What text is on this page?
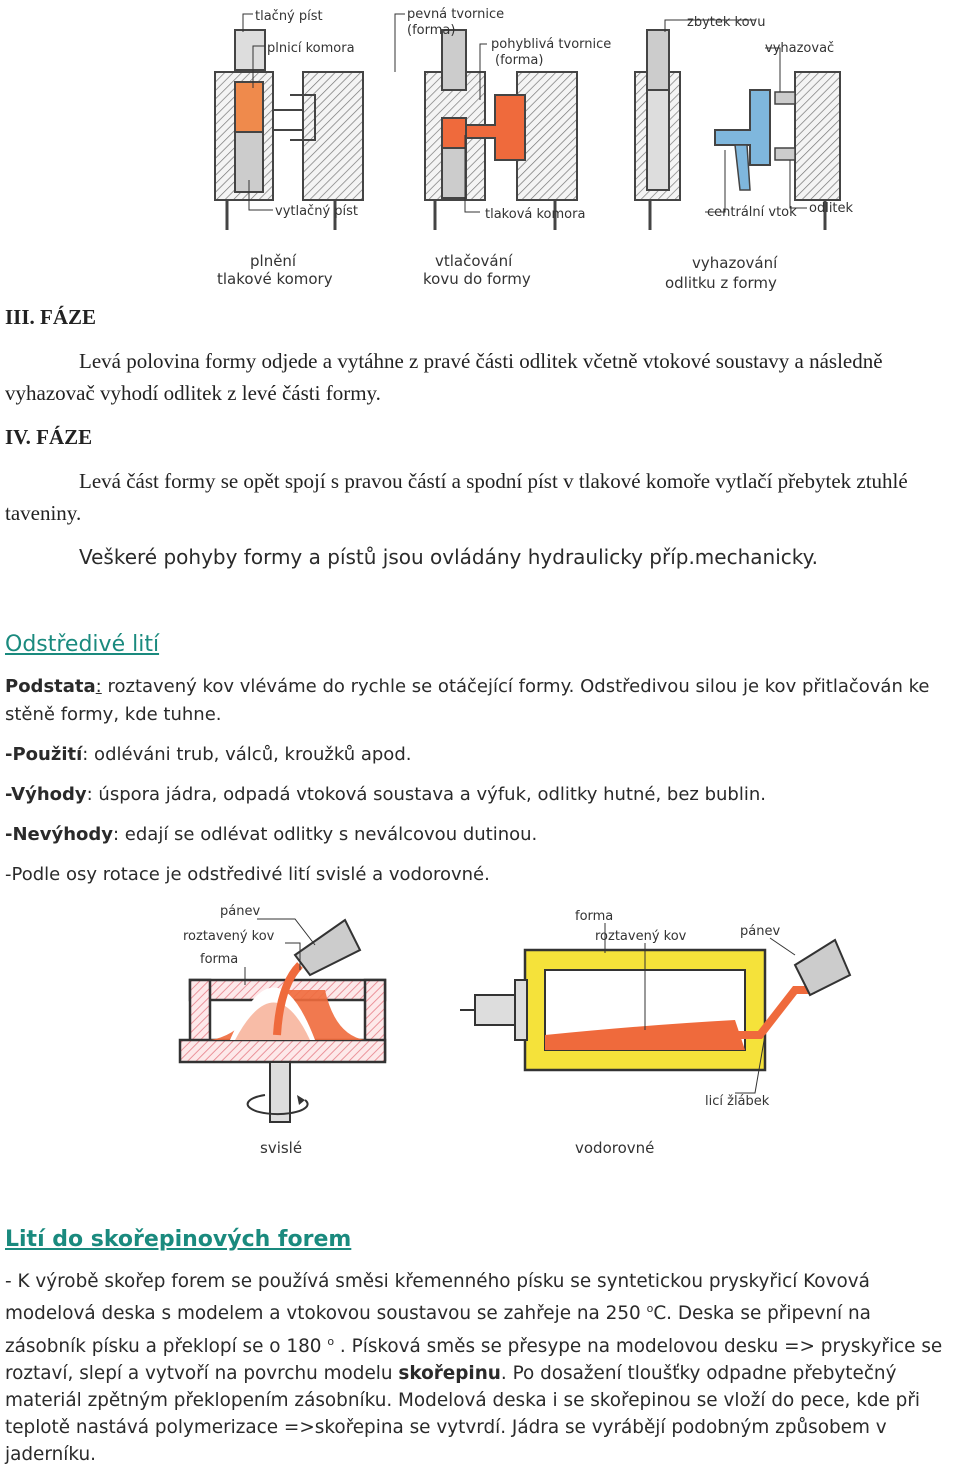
tlačný píst
plnicí komora
pevná tvornice
(forma)
pohyblivá tvornice
(forma)
zbytek kovu
vyhazovač
vytlačný píst	tlaková komora	centrální vtok odlitek
plnění
tlakové komory
vtlačování
kovu do formy
vyhazování
odlitku z formy
III. FÁZE
Levá polovina formy odjede a vytáhne z pravé části odlitek včetně vtokové soustavy a následně vyhazovač vyhodí odlitek z levé části formy.
IV. FÁZE
Levá část formy se opět spojí s pravou částí a spodní píst v tlakové komoře vytlačí přebytek ztuhlé taveniny.
Veškeré pohyby formy a pístů jsou ovládány hydraulicky příp.mechanicky.
Odstředivé lití
Podstata: roztavený kov vléváme do rychle se otáčející formy. Odstředivou silou je kov přitlačován ke stěně formy, kde tuhne.
-Použití: odléváni trub, válců, kroužků apod.
-Výhody: úspora jádra, odpadá vtoková soustava a výfuk, odlitky hutné, bez bublin.
-Nevýhody: edají se odlévat odlitky s neválcovou dutinou.
-Podle osy rotace je odstředivé lití svislé a vodorovné.
pánev
roztavený kov
forma
svislé
forma
roztavený kov	pánev
licí žlábek
vodorovné
Lití do skořepinových forem
- K výrobě skořep forem se používá směsi křemenného písku se syntetickou pryskyřicí Kovová modelová deska s modelem a vtokovou soustavou se zahřeje na 250 $^o$C. Deska se připevní na zásobník písku a překlopí se o 180 $^o$ . Písková směs se přesype na modelovou desku => pryskyřice se roztaví, slepí a vytvoří na povrchu modelu skořepinu. Po dosažení tloušťky odpadne přebytečný materiál zpětným překlopením zásobníku. Modelová deska i se skořepinou se vloží do pece, kde při teplotě nastává polymerizace =>skořepina se vytvrdí. Jádra se vyrábějí podobným způsobem v jaderníku.
